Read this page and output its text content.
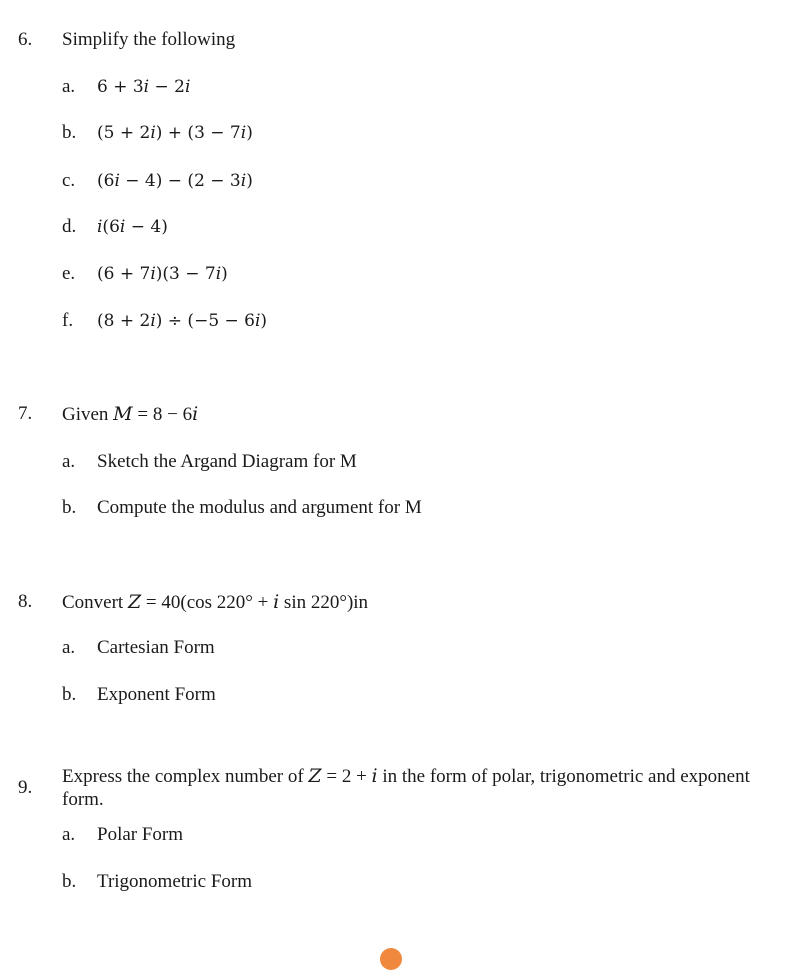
6. Simplify the following
a. 6 + 3𝑖 − 2𝑖
b. (5 + 2𝑖) + (3 − 7𝑖)
c. (6𝑖 − 4) − (2 − 3𝑖)
d. 𝑖(6𝑖 − 4)
e. (6 + 7𝑖)(3 − 7𝑖)
f. (8 + 2𝑖) ÷ (−5 − 6𝑖)
7. Given 𝑀 = 8 − 6𝑖
a. Sketch the Argand Diagram for M
b. Compute the modulus and argument for M
8. Convert 𝑍 = 40(cos 220° + 𝑖 sin 220°)in
a. Cartesian Form
b. Exponent Form
9.
Express the complex number of 𝑍 = 2 + 𝑖 in the form of polar, trigonometric and exponent form.
a. Polar Form
b. Trigonometric Form
